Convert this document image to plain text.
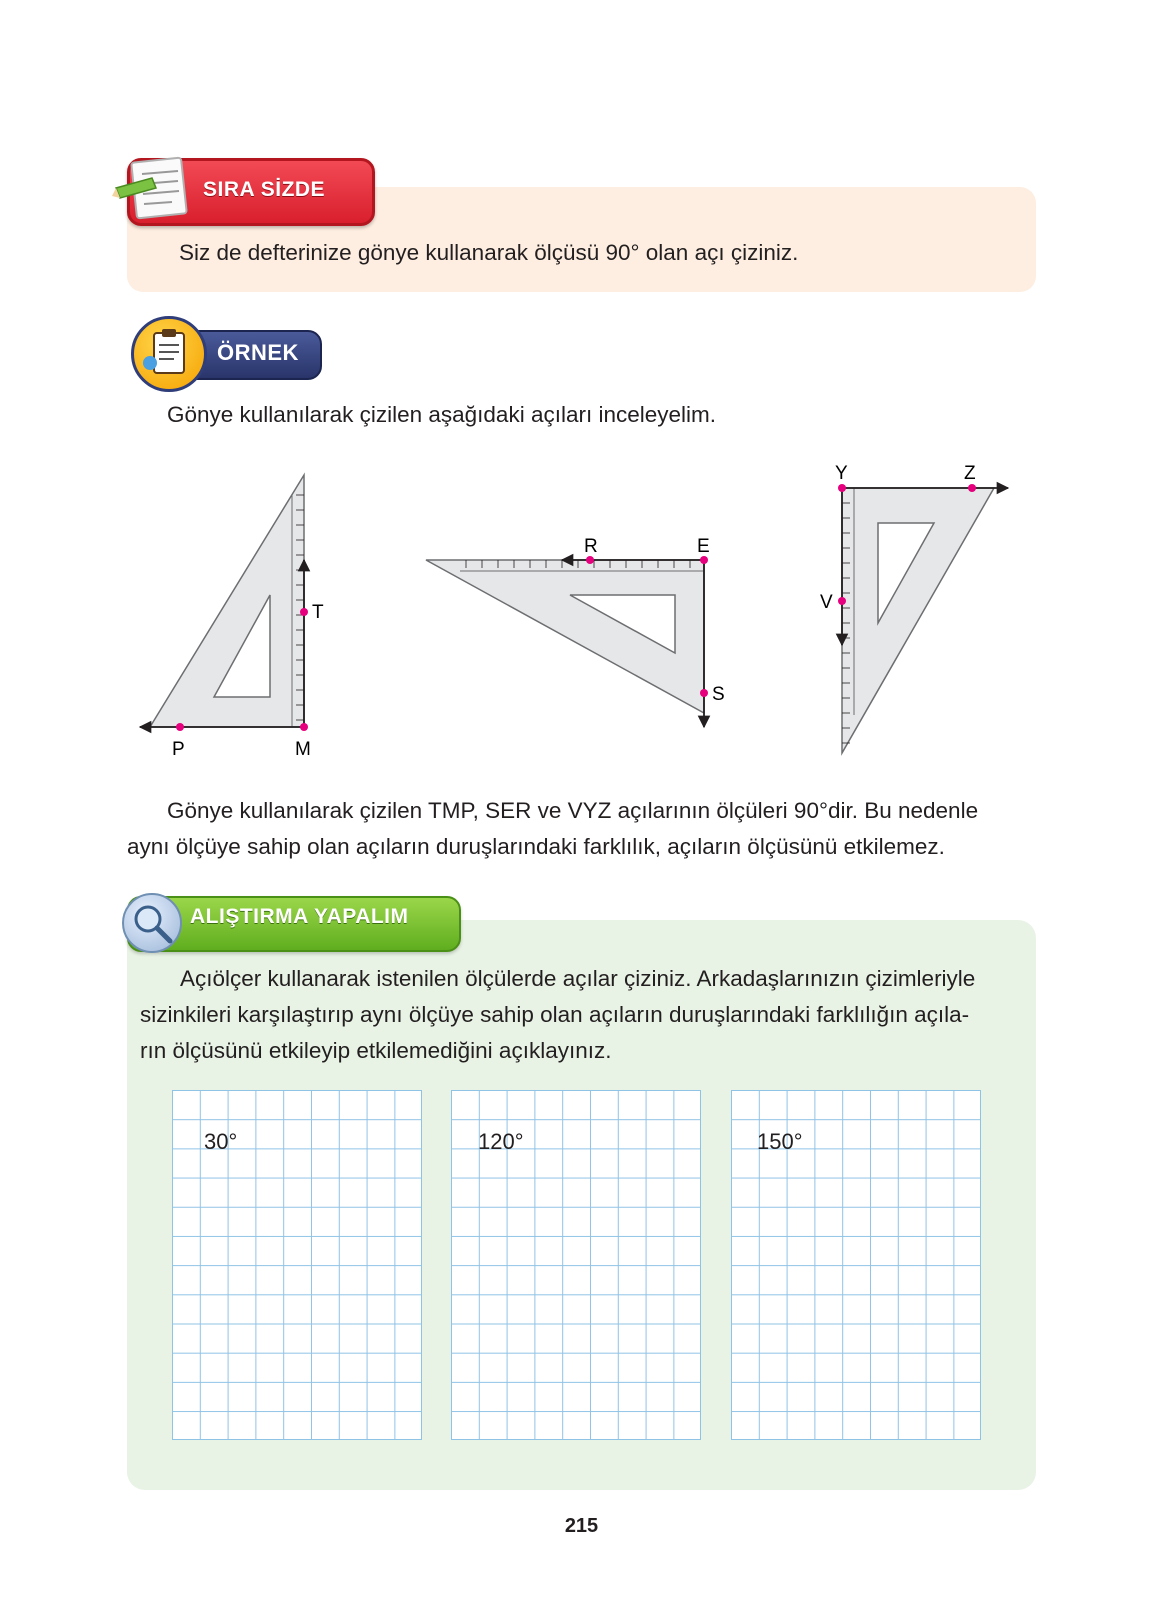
SIRA SİZDE
Siz de defterinize gönye kullanarak ölçüsü 90° olan açı çiziniz.
ÖRNEK
Gönye kullanılarak çizilen aşağıdaki açıları inceleyelim.
P	M
T
R	E
S
Y	Z
V
Gönye kullanılarak çizilen TMP, SER ve VYZ açılarının ölçüleri 90°dir. Bu nedenle
aynı ölçüye sahip olan açıların duruşlarındaki farklılık, açıların ölçüsünü etkilemez.
ALIŞTIRMA YAPALIM
Açıölçer kullanarak istenilen ölçülerde açılar çiziniz. Arkadaşlarınızın çizimleriyle
sizinkileri karşılaştırıp aynı ölçüye sahip olan açıların duruşlarındaki farklılığın açıla-
rın ölçüsünü etkileyip etkilemediğini açıklayınız.
30°	120°	150°
215
